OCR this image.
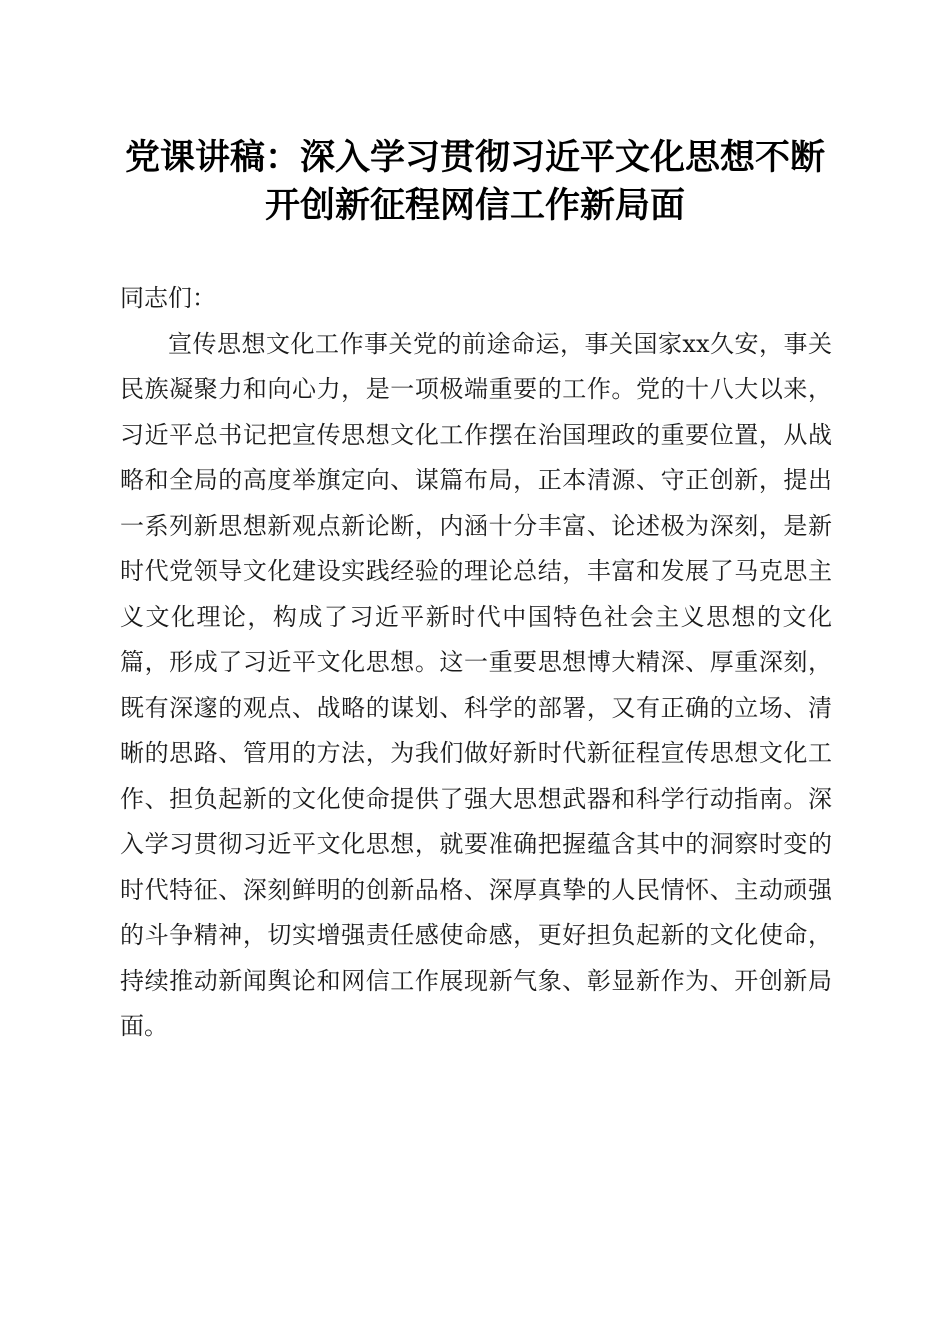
党课讲稿：深入学习贯彻习近平文化思想不断
开创新征程网信工作新局面

同志们：

宣传思想文化工作事关党的前途命运，事关国家xx久安，事关民族凝聚力和向心力，是一项极端重要的工作。党的十八大以来，习近平总书记把宣传思想文化工作摆在治国理政的重要位置，从战略和全局的高度举旗定向、谋篇布局，正本清源、守正创新，提出一系列新思想新观点新论断，内涵十分丰富、论述极为深刻，是新时代党领导文化建设实践经验的理论总结，丰富和发展了马克思主义文化理论，构成了习近平新时代中国特色社会主义思想的文化篇，形成了习近平文化思想。这一重要思想博大精深、厚重深刻，既有深邃的观点、战略的谋划、科学的部署，又有正确的立场、清晰的思路、管用的方法，为我们做好新时代新征程宣传思想文化工作、担负起新的文化使命提供了强大思想武器和科学行动指南。深入学习贯彻习近平文化思想，就要准确把握蕴含其中的洞察时变的时代特征、深刻鲜明的创新品格、深厚真挚的人民情怀、主动顽强的斗争精神，切实增强责任感使命感，更好担负起新的文化使命，持续推动新闻舆论和网信工作展现新气象、彰显新作为、开创新局面。
